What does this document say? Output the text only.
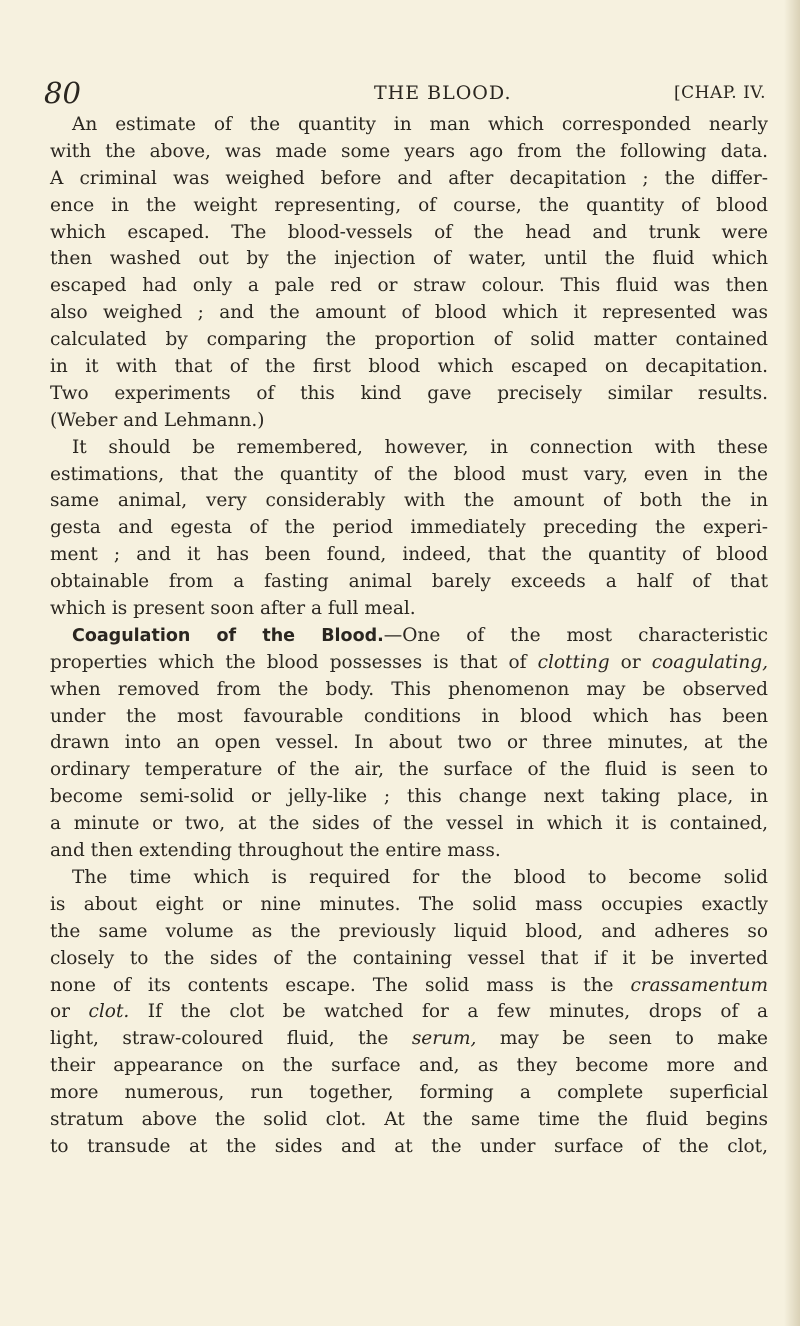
80	THE BLOOD.	[CHAP. IV.
An estimate of the quantity in man which corresponded nearly
with the above, was made some years ago from the following data.
A criminal was weighed before and after decapitation ; the differ-
ence in the weight representing, of course, the quantity of blood
which escaped. The blood-vessels of the head and trunk were
then washed out by the injection of water, until the fluid which
escaped had only a pale red or straw colour. This fluid was then
also weighed ; and the amount of blood which it represented was
calculated by comparing the proportion of solid matter contained
in it with that of the first blood which escaped on decapitation.
Two experiments of this kind gave precisely similar results.
(Weber and Lehmann.)
It should be remembered, however, in connection with these
estimations, that the quantity of the blood must vary, even in the
same animal, very considerably with the amount of both the in
gesta and egesta of the period immediately preceding the experi-
ment ; and it has been found, indeed, that the quantity of blood
obtainable from a fasting animal barely exceeds a half of that
which is present soon after a full meal.
Coagulation of the Blood.—One of the most characteristic
properties which the blood possesses is that of clotting or coagulating,
when removed from the body. This phenomenon may be observed
under the most favourable conditions in blood which has been
drawn into an open vessel. In about two or three minutes, at the
ordinary temperature of the air, the surface of the fluid is seen to
become semi-solid or jelly-like ; this change next taking place, in
a minute or two, at the sides of the vessel in which it is contained,
and then extending throughout the entire mass.
The time which is required for the blood to become solid
is about eight or nine minutes. The solid mass occupies exactly
the same volume as the previously liquid blood, and adheres so
closely to the sides of the containing vessel that if it be inverted
none of its contents escape. The solid mass is the crassamentum
or clot. If the clot be watched for a few minutes, drops of a
light, straw-coloured fluid, the serum, may be seen to make
their appearance on the surface and, as they become more and
more numerous, run together, forming a complete superficial
stratum above the solid clot. At the same time the fluid begins
to transude at the sides and at the under surface of the clot,
